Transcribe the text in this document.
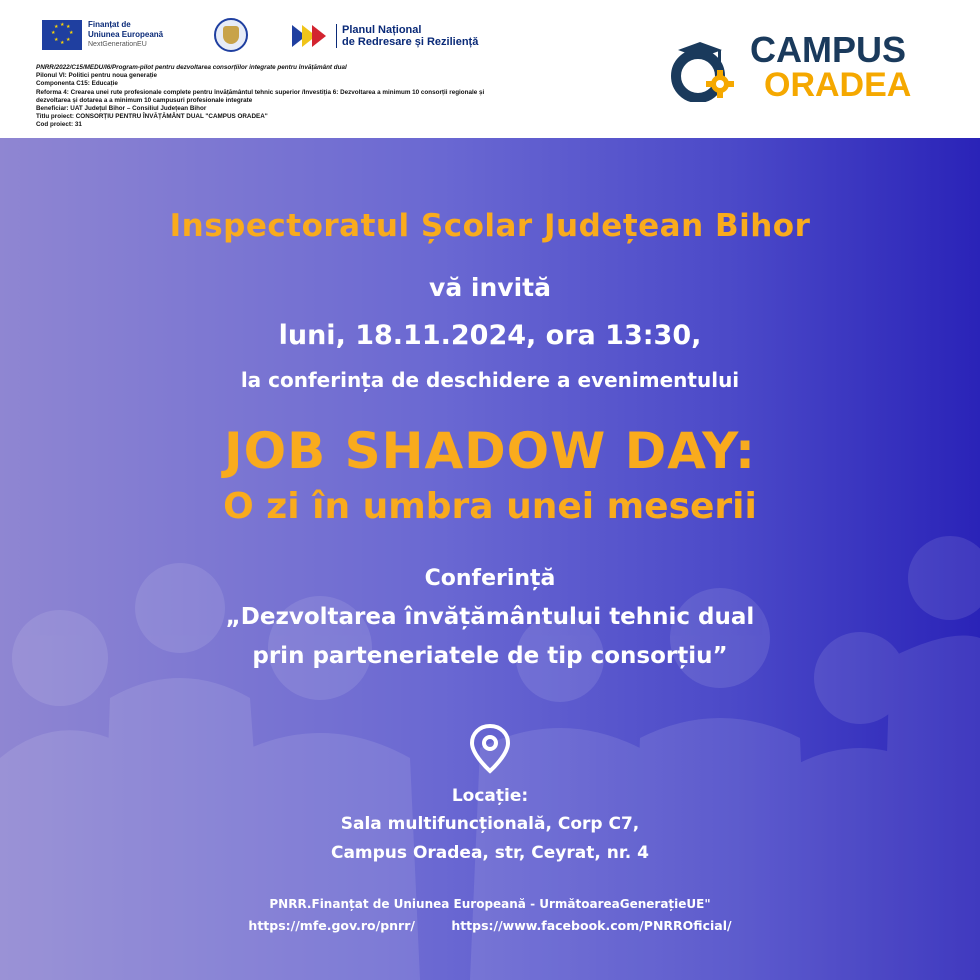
★ ★
★
★
★
★
★
★	Finanțat de
Uniunea Europeană
NextGenerationEU
Planul Național
de Redresare și Reziliență
PNRR/2022/C15/MEDU/I6/Program-pilot pentru dezvoltarea consorțiilor integrate pentru învățământ dual
Pilonul VI: Politici pentru noua generație
Componenta C15: Educație
Reforma 4: Crearea unei rute profesionale complete pentru învățământul tehnic superior /Investiția 6: Dezvoltarea a minimum 10 consorții regionale și
dezvoltarea și dotarea a a minimum 10 campusuri profesionale integrate
Beneficiar: UAT Județul Bihor – Consiliul Județean Bihor
Titlu proiect: CONSORȚIU PENTRU ÎNVĂȚĂMÂNT DUAL "CAMPUS ORADEA"
Cod proiect: 31
CAMPUS
ORADEA
Inspectoratul Școlar Județean Bihor
vă invită
luni, 18.11.2024, ora 13:30,
la conferința de deschidere a evenimentului
JOB SHADOW DAY:
O zi în umbra unei meserii
Conferință
„Dezvoltarea învățământului tehnic dual
prin parteneriatele de tip consorțiu”
Locație:
Sala multifuncțională, Corp C7,
Campus Oradea, str, Ceyrat, nr. 4
PNRR.Finanțat de Uniunea Europeană - UrmătoareaGenerațieUE"
https://mfe.gov.ro/pnrr/	https://www.facebook.com/PNRROficial/
